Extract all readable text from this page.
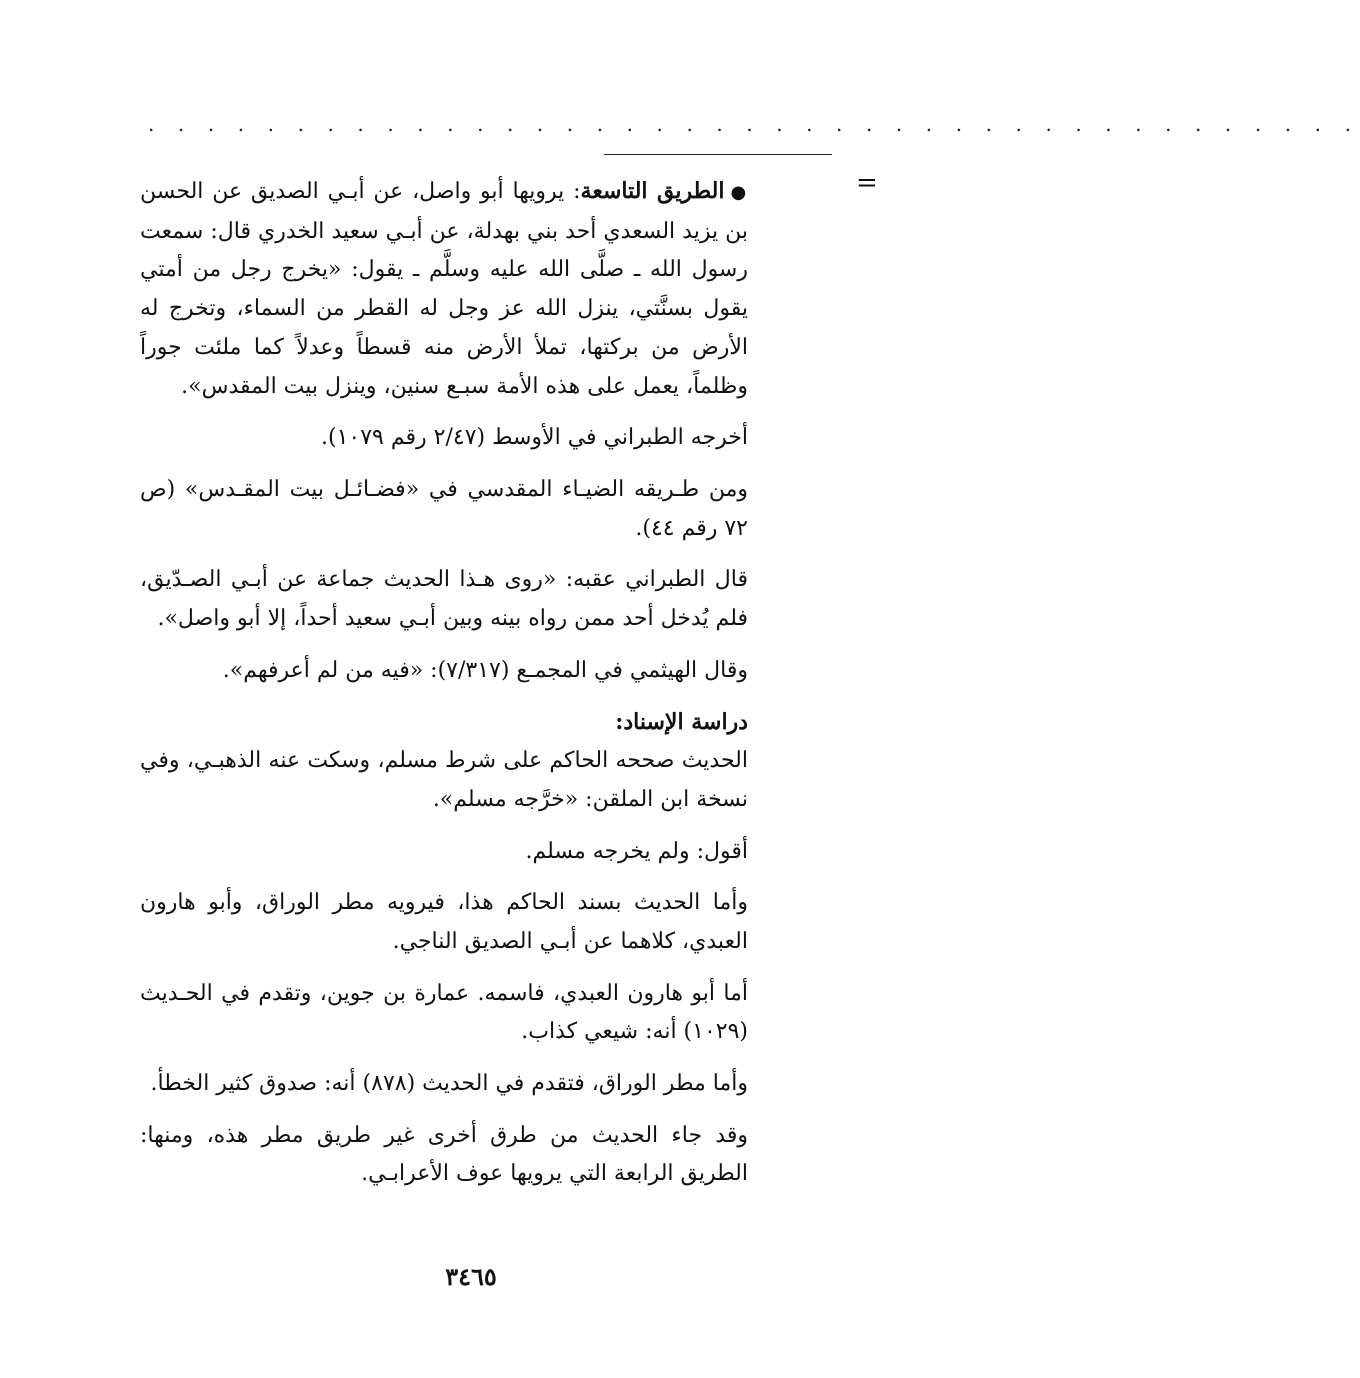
. . . . . . . . . . . . . . . . . . . . . . . . . . . . . . . . . . . . . . . . .
=

●الطريق التاسعة: يرويها أبو واصل، عن أبـي الصديق عن الحسن بن يزيد السعدي أحد بني بهدلة، عن أبـي سعيد الخدري قال: سمعت رسول الله ـ صلَّى الله عليه وسلَّم ـ يقول: «يخرج رجل من أمتي يقول بسنَّتي، ينزل الله عز وجل له القطر من السماء، وتخرج له الأرض من بركتها، تملأ الأرض منه قسطاً وعدلاً كما ملئت جوراً وظلماً، يعمل على هذه الأمة سبـع سنين، وينزل بيت المقدس».

أخرجه الطبراني في الأوسط (٢/٤٧ رقم ١٠٧٩).

ومن طـريقه الضيـاء المقدسي في «فضـائـل بيت المقـدس» (ص ٧٢ رقم ٤٤).

قال الطبراني عقبه: «روى هـذا الحديث جماعة عن أبـي الصـدّيق، فلم يُدخل أحد ممن رواه بينه وبين أبـي سعيد أحداً، إلا أبو واصل».

وقال الهيثمي في المجمـع (٧/٣١٧): «فيه من لم أعرفهم».

دراسة الإسناد:

الحديث صححه الحاكم على شرط مسلم، وسكت عنه الذهبـي، وفي نسخة ابن الملقن: «خرَّجه مسلم».

أقول: ولم يخرجه مسلم.

وأما الحديث بسند الحاكم هذا، فيرويه مطر الوراق، وأبو هارون العبدي، كلاهما عن أبـي الصديق الناجي.

أما أبو هارون العبدي، فاسمه. عمارة بن جوين، وتقدم في الحـديث (١٠٢٩) أنه: شيعي كذاب.

وأما مطر الوراق، فتقدم في الحديث (٨٧٨) أنه: صدوق كثير الخطأ.

وقد جاء الحديث من طرق أخرى غير طريق مطر هذه، ومنها: الطريق الرابعة التي يرويها عوف الأعرابـي.

٣٤٦٥
